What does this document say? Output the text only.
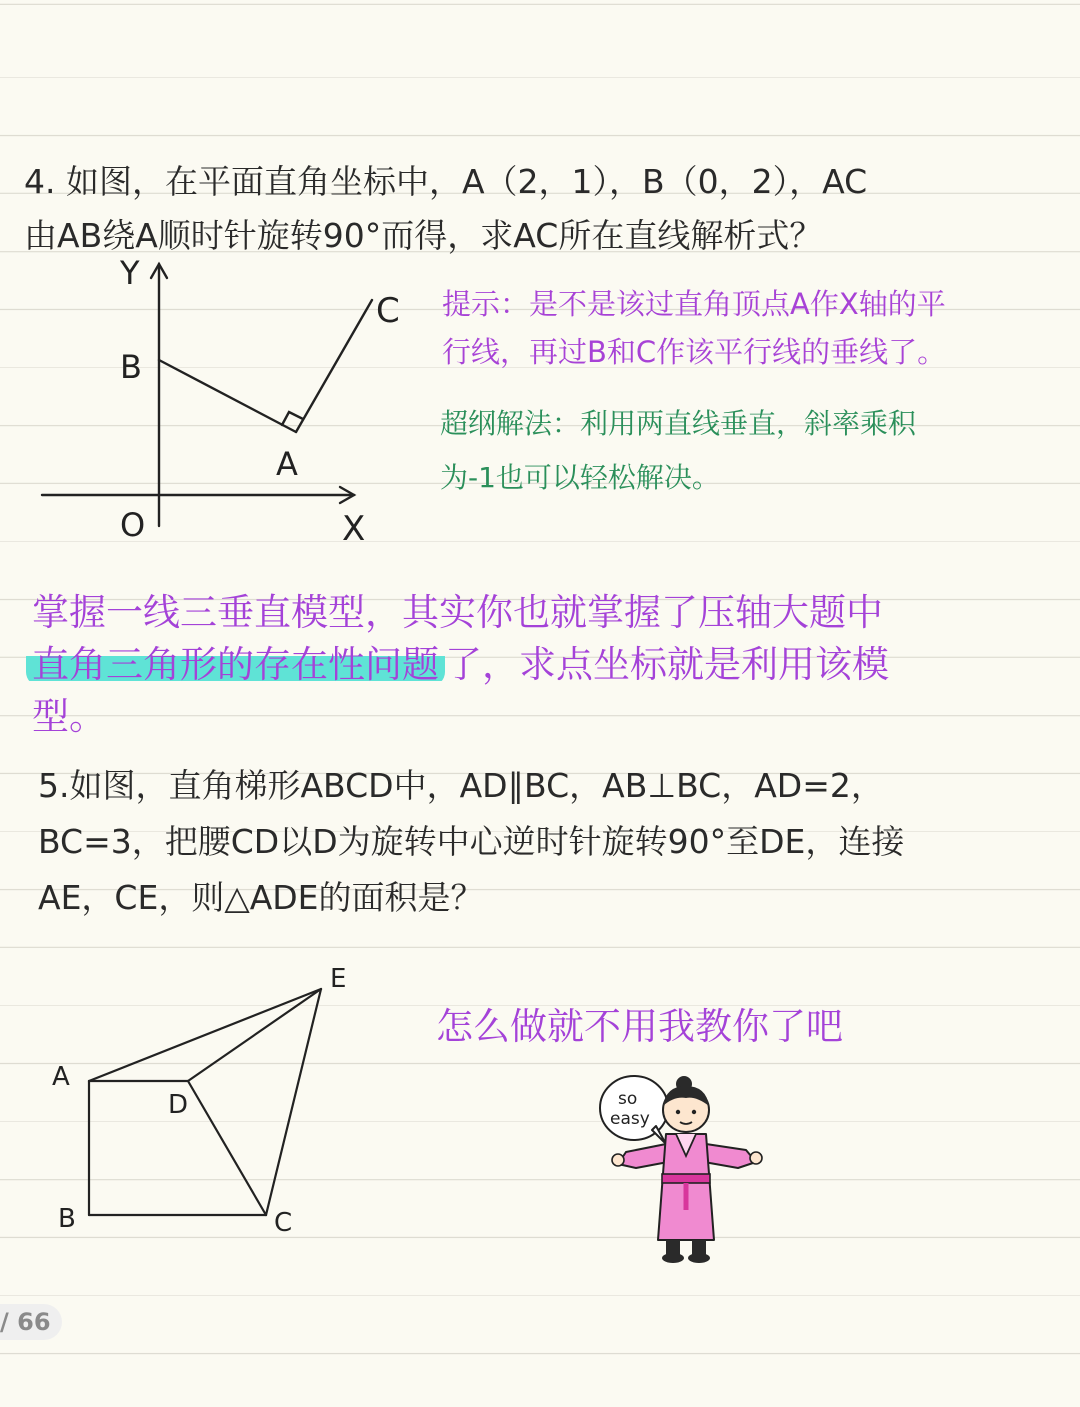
4. 如图，在平面直角坐标中，A（2，1），B（0，2），AC
由AB绕A顺时针旋转90°而得，求AC所在直线解析式？
Y
B
A
C
O	X
提示：是不是该过直角顶点A作X轴的平
行线，再过B和C作该平行线的垂线了。
超纲解法：利用两直线垂直，斜率乘积
为-1也可以轻松解决。
掌握一线三垂直模型，其实你也就掌握了压轴大题中
直角三角形的存在性问题 了，求点坐标就是利用该模
型。
5.如图，直角梯形ABCD中，AD∥BC，AB⊥BC，AD=2，
BC=3，把腰CD以D为旋转中心逆时针旋转90°至DE，连接
AE，CE，则△ADE的面积是？
E
A
D
B	C
怎么做就不用我教你了吧
so
easy
/ 66
